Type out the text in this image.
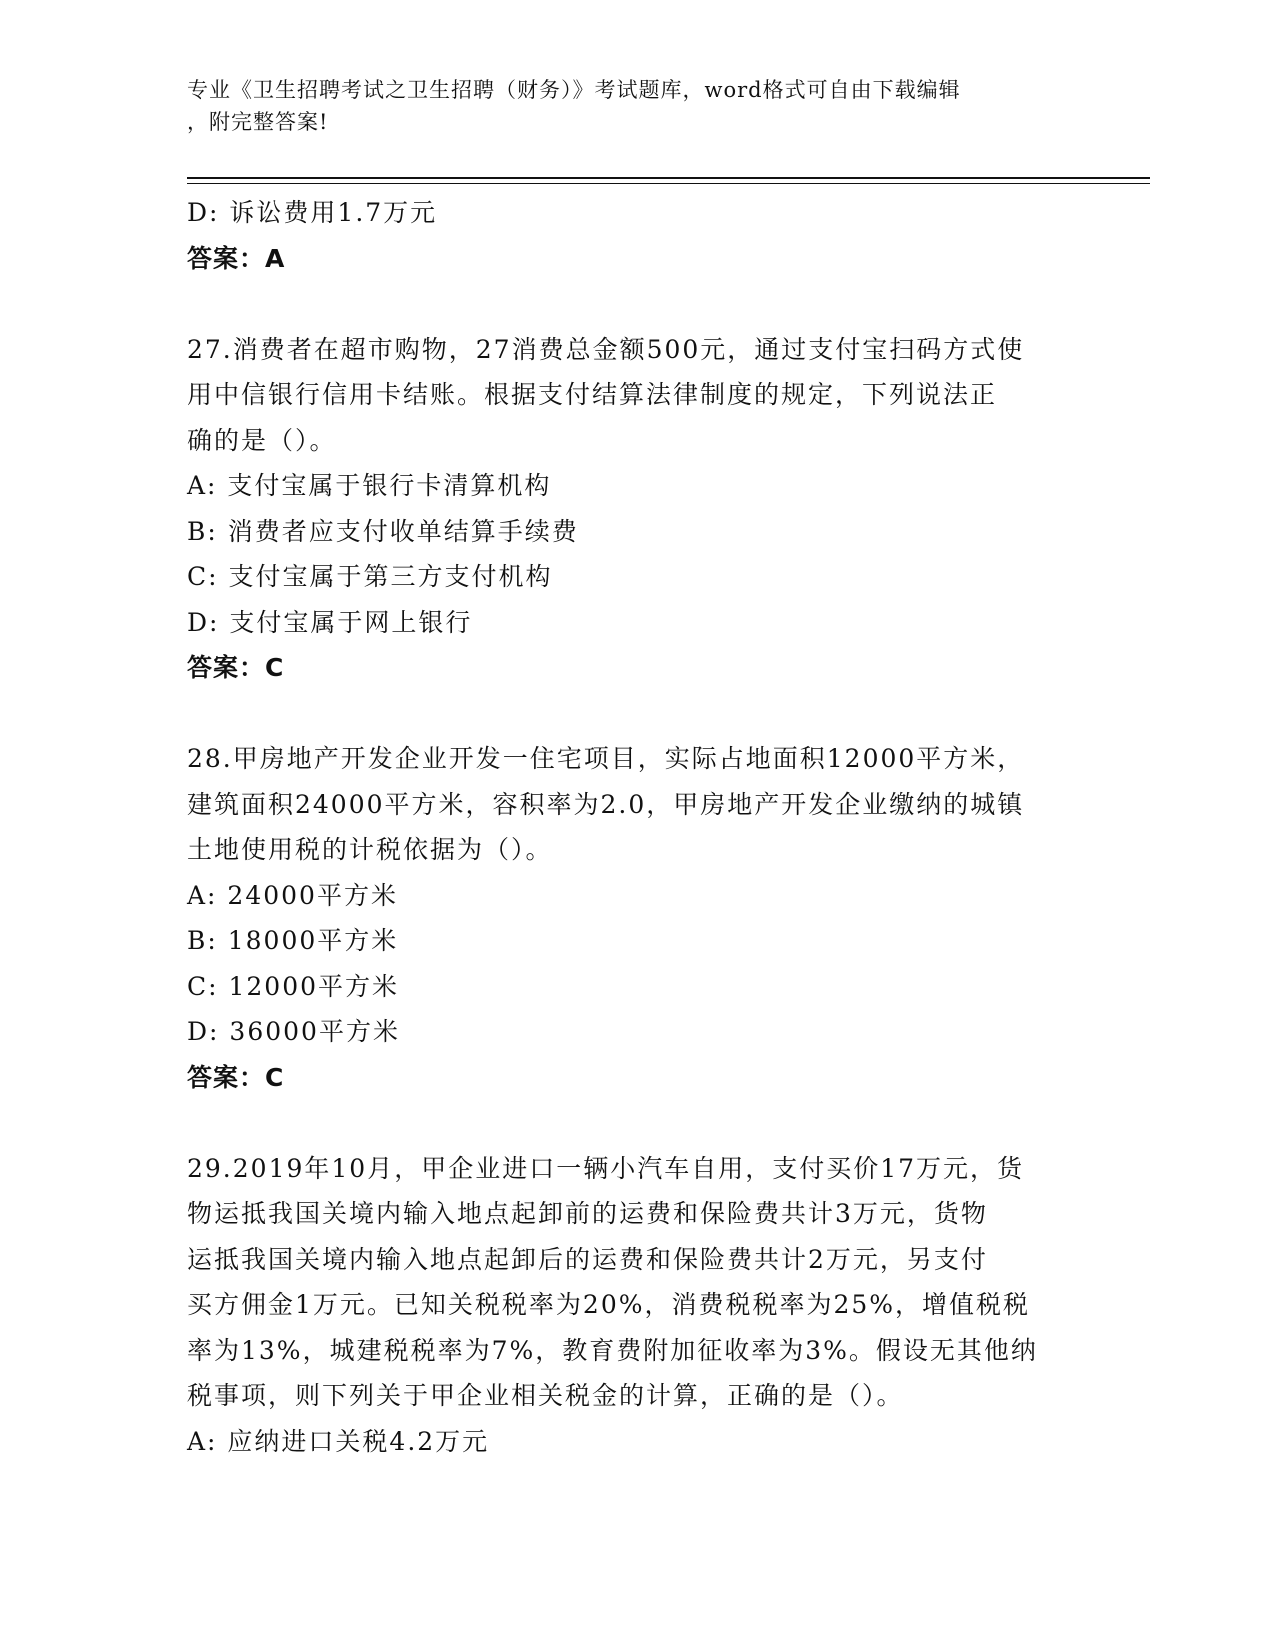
专业《卫生招聘考试之卫生招聘（财务）》考试题库，word格式可自由下载编辑
，附完整答案!
D: 诉讼费用1.7万元
答案：A
27.消费者在超市购物，27消费总金额500元，通过支付宝扫码方式使
用中信银行信用卡结账。根据支付结算法律制度的规定，下列说法正
确的是（）。
A: 支付宝属于银行卡清算机构
B: 消费者应支付收单结算手续费
C: 支付宝属于第三方支付机构
D: 支付宝属于网上银行
答案：C
28.甲房地产开发企业开发一住宅项目，实际占地面积12000平方米，
建筑面积24000平方米，容积率为2.0，甲房地产开发企业缴纳的城镇
土地使用税的计税依据为（）。
A: 24000平方米
B: 18000平方米
C: 12000平方米
D: 36000平方米
答案：C
29.2019年10月，甲企业进口一辆小汽车自用，支付买价17万元，货
物运抵我国关境内输入地点起卸前的运费和保险费共计3万元，货物
运抵我国关境内输入地点起卸后的运费和保险费共计2万元，另支付
买方佣金1万元。已知关税税率为20%，消费税税率为25%，增值税税
率为13%，城建税税率为7%，教育费附加征收率为3%。假设无其他纳
税事项，则下列关于甲企业相关税金的计算，正确的是（）。
A: 应纳进口关税4.2万元
